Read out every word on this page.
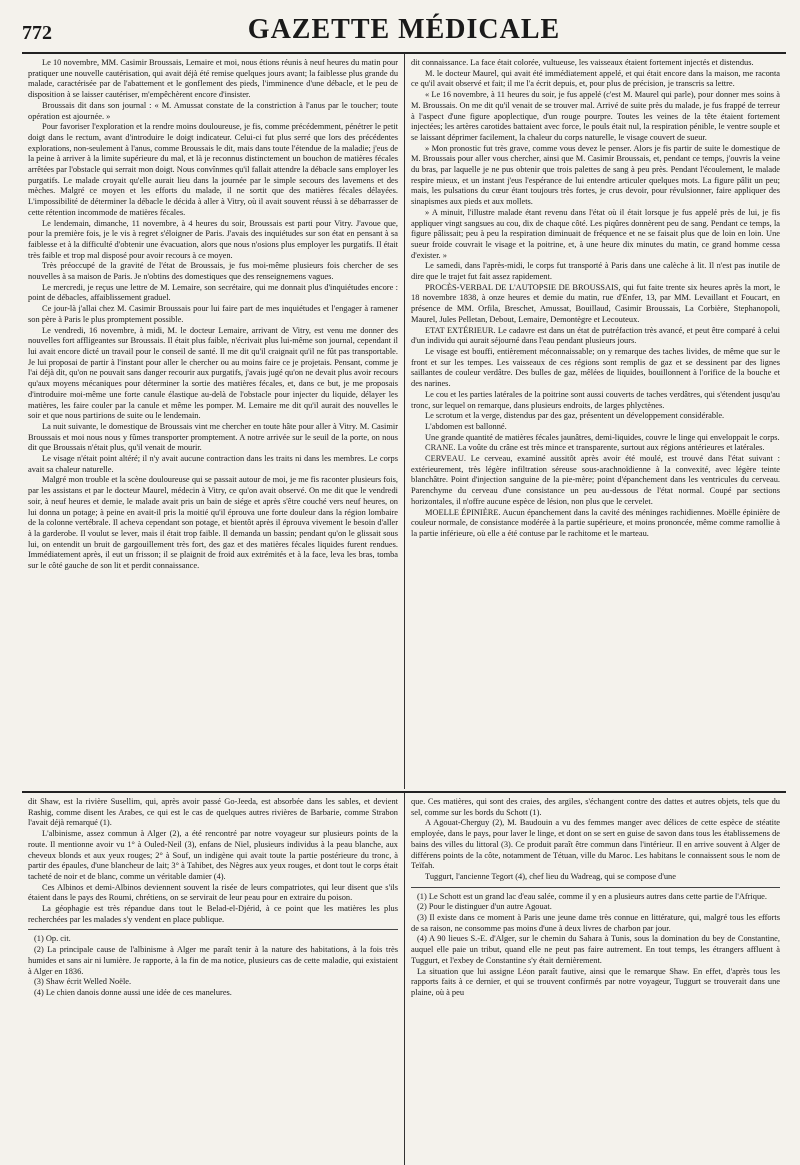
772	GAZETTE MÉDICALE

Le 10 novembre, MM. Casimir Broussais, Lemaire et moi, nous étions réunis à neuf heures du matin pour pratiquer une nouvelle cautérisation, qui avait déjà été remise quelques jours avant; la faiblesse plus grande du malade, caractérisée par de l'abattement et le gonflement des pieds, l'imminence d'une débacle, et le peu de disposition à se laisser cautériser, m'empêchèrent encore d'insister.

Broussais dit dans son journal : « M. Amussat constate de la constriction à l'anus par le toucher; toute opération est ajournée. »

Pour favoriser l'exploration et la rendre moins douloureuse, je fis, comme précédemment, pénétrer le petit doigt dans le rectum, avant d'introduire le doigt indicateur. Celui-ci fut plus serré que lors des précédentes explorations, non-seulement à l'anus, comme Broussais le dit, mais dans toute l'étendue de la maladie; j'eus de la peine à arriver à la limite supérieure du mal, et là je reconnus distinctement un bouchon de matières fécales arrêtées par l'obstacle qui serrait mon doigt. Nous convînmes qu'il fallait attendre la débacle sans employer les purgatifs. Le malade croyait qu'elle aurait lieu dans la journée par le simple secours des lavemens et des mèches. Malgré ce moyen et les efforts du malade, il ne sortit que des matières fécales délayées. L'impossibilité de déterminer la débacle le décida à aller à Vitry, où il avait souvent réussi à se débarrasser de cette rétention incommode de matières fécales.

Le lendemain, dimanche, 11 novembre, à 4 heures du soir, Broussais est parti pour Vitry. J'avoue que, pour la première fois, je le vis à regret s'éloigner de Paris. J'avais des inquiétudes sur son état en pensant à sa faiblesse et à la difficulté d'obtenir une évacuation, alors que nous n'osions plus employer les purgatifs. Il était très faible et trop mal disposé pour avoir recours à ce moyen.

Très préoccupé de la gravité de l'état de Broussais, je fus moi-même plusieurs fois chercher de ses nouvelles à sa maison de Paris. Je n'obtins des domestiques que des renseignemens vagues.

Le mercredi, je reçus une lettre de M. Lemaire, son secrétaire, qui me donnait plus d'inquiétudes encore : point de débacles, affaiblissement graduel.

Ce jour-là j'allai chez M. Casimir Broussais pour lui faire part de mes inquiétudes et l'engager à ramener son père à Paris le plus promptement possible.

Le vendredi, 16 novembre, à midi, M. le docteur Lemaire, arrivant de Vitry, est venu me donner des nouvelles fort affligeantes sur Broussais. Il était plus faible, n'écrivait plus lui-même son journal, cependant il lui avait encore dicté un travail pour le conseil de santé. Il me dit qu'il craignait qu'il ne fût pas transportable. Je lui proposai de partir à l'instant pour aller le chercher ou au moins faire ce je projetais. Pensant, comme je l'ai déjà dit, qu'on ne pouvait sans danger recourir aux purgatifs, j'avais jugé qu'on ne devait plus avoir recours qu'aux moyens mécaniques pour déterminer la sortie des matières fécales, et, dans ce but, je me proposais d'introduire moi-même une forte canule élastique au-delà de l'obstacle pour injecter du liquide, délayer les matières, les faire couler par la canule et même les pomper. M. Lemaire me dit qu'il aurait des nouvelles le soir et que nous partirions de suite ou le lendemain.

La nuit suivante, le domestique de Broussais vint me chercher en toute hâte pour aller à Vitry. M. Casimir Broussais et moi nous nous y fûmes transporter promptement. A notre arrivée sur le seuil de la porte, on nous dit que Broussais n'était plus, qu'il venait de mourir.

Le visage n'était point altéré; il n'y avait aucune contraction dans les traits ni dans les membres. Le corps avait sa chaleur naturelle.

Malgré mon trouble et la scène douloureuse qui se passait autour de moi, je me fis raconter plusieurs fois, par les assistans et par le docteur Maurel, médecin à Vitry, ce qu'on avait observé. On me dit que le vendredi soir, à neuf heures et demie, le malade avait pris un bain de siége et après s'être couché vers neuf heures, on lui donna un potage; à peine en avait-il pris la moitié qu'il éprouva une forte douleur dans la région lombaire de la colonne vertébrale. Il acheva cependant son potage, et bientôt après il éprouva vivement le besoin d'aller à la garderobe. Il voulut se lever, mais il était trop faible. Il demanda un bassin; pendant qu'on le glissait sous lui, on entendit un bruit de gargouillement très fort, des gaz et des matières fécales liquides furent rendues. Immédiatement après, il eut un frisson; il se plaignit de froid aux extrémités et à la face, leva les bras, tomba sur le côté gauche de son lit et perdit connaissance.

dit connaissance. La face était colorée, vultueuse, les vaisseaux étaient fortement injectés et distendus.

M. le docteur Maurel, qui avait été immédiatement appelé, et qui était encore dans la maison, me raconta ce qu'il avait observé et fait; il me l'a écrit depuis, et, pour plus de précision, je transcris sa lettre.

« Le 16 novembre, à 11 heures du soir, je fus appelé (c'est M. Maurel qui parle), pour donner mes soins à M. Broussais. On me dit qu'il venait de se trouver mal. Arrivé de suite près du malade, je fus frappé de terreur à l'aspect d'une figure apoplectique, d'un rouge pourpre. Toutes les veines de la tête étaient fortement injectées; les artères carotides battaient avec force, le pouls était nul, la respiration pénible, le ventre souple et se laissant déprimer facilement, la chaleur du corps naturelle, le visage couvert de sueur.

» Mon pronostic fut très grave, comme vous devez le penser. Alors je fis partir de suite le domestique de M. Broussais pour aller vous chercher, ainsi que M. Casimir Broussais, et, pendant ce temps, j'ouvris la veine du bras, par laquelle je ne pus obtenir que trois palettes de sang à peu près. Pendant l'écoulement, le malade respire mieux, et un instant j'eus l'espérance de lui entendre articuler quelques mots. La figure pâlit un peu; mais, les pulsations du cœur étant toujours très fortes, je crus devoir, pour révulsionner, faire appliquer des sinapismes aux pieds et aux mollets.

» A minuit, l'illustre malade étant revenu dans l'état où il était lorsque je fus appelé près de lui, je fis appliquer vingt sangsues au cou, dix de chaque côté. Les piqûres donnèrent peu de sang. Pendant ce temps, la figure pâlissait; peu à peu la respiration diminuait de fréquence et ne se faisait plus que de loin en loin. Une sueur froide couvrait le visage et la poitrine, et, à une heure dix minutes du matin, ce grand homme cessa d'exister. »

Le samedi, dans l'après-midi, le corps fut transporté à Paris dans une calèche à lit. Il n'est pas inutile de dire que le trajet fut fait assez rapidement.

PROCÈS-VERBAL DE L'AUTOPSIE DE BROUSSAIS, qui fut faite trente six heures après la mort, le 18 novembre 1838, à onze heures et demie du matin, rue d'Enfer, 13, par MM. Levaillant et Foucart, en présence de MM. Orfila, Breschet, Amussat, Bouillaud, Casimir Broussais, La Corbière, Stephanopoli, Maurel, Jules Pelletan, Debout, Lemaire, Demontègre et Lecouteux.

ETAT EXTÉRIEUR. Le cadavre est dans un état de putréfaction très avancé, et peut être comparé à celui d'un individu qui aurait séjourné dans l'eau pendant plusieurs jours.

Le visage est bouffi, entièrement méconnaissable; on y remarque des taches livides, de même que sur le front et sur les tempes. Les vaisseaux de ces régions sont remplis de gaz et se dessinent par des lignes saillantes de couleur verdâtre. Des bulles de gaz, mêlées de liquides, bouillonnent à l'orifice de la bouche et des narines.

Le cou et les parties latérales de la poitrine sont aussi couverts de taches verdâtres, qui s'étendent jusqu'au tronc, sur lequel on remarque, dans plusieurs endroits, de larges phlyctènes.

Le scrotum et la verge, distendus par des gaz, présentent un développement considérable.

L'abdomen est ballonné.

Une grande quantité de matières fécales jaunâtres, demi-liquides, couvre le linge qui enveloppait le corps.

CRANE. La voûte du crâne est très mince et transparente, surtout aux régions antérieures et latérales.

CERVEAU. Le cerveau, examiné aussitôt après avoir été moulé, est trouvé dans l'état suivant : extérieurement, très légère infiltration séreuse sous-arachnoïdienne à la convexité, avec légère teinte blanchâtre. Point d'injection sanguine de la pie-mère; point d'épanchement dans les ventricules du cerveau. Parenchyme du cerveau d'une consistance un peu au-dessous de l'état normal. Coupé par sections horizontales, il n'offre aucune espèce de lésion, non plus que le cervelet.

MOELLE ÉPINIÈRE. Aucun épanchement dans la cavité des méninges rachidiennes. Moëlle épinière de couleur normale, de consistance modérée à la partie supérieure, et moins prononcée, même comme ramollie à la partie inférieure, où elle a été contuse par le rachitome et le marteau.

dit Shaw, est la rivière Susellim, qui, après avoir passé Go-Jeeda, est absorbée dans les sables, et devient Rashig, comme disent les Arabes, ce qui est le cas de quelques autres rivières de Barbarie, comme Strabon l'avait déjà remarqué (1).

L'albinisme, assez commun à Alger (2), a été rencontré par notre voyageur sur plusieurs points de la route. Il mentionne avoir vu 1° à Ouled-Neil (3), enfans de Niel, plusieurs individus à la peau blanche, aux cheveux blonds et aux yeux rouges; 2° à Souf, un indigène qui avait toute la partie postérieure du tronc, à partir des épaules, d'une blancheur de lait; 3° à Tahibet, des Nègres aux yeux rouges, et dont tout le corps était tacheté de noir et de blanc, comme un véritable damier (4).

Ces Albinos et demi-Albinos deviennent souvent la risée de leurs compatriotes, qui leur disent que s'ils étaient dans le pays des Roumi, chrétiens, on se servirait de leur peau pour en extraire du poison.

La géophagie est très répandue dans tout le Belad-el-Djérid, à ce point que les matières les plus recherchées par les malades s'y vendent en place publique.

(1) Op. cit.

(2) La principale cause de l'albinisme à Alger me paraît tenir à la nature des habitations, à la fois très humides et sans air ni lumière. Je rapporte, à la fin de ma notice, plusieurs cas de cette maladie, qui existaient à Alger en 1836.

(3) Shaw écrit Welled Noële.

(4) Le chien danois donne aussi une idée de ces manelures.

que. Ces matières, qui sont des craies, des argiles, s'échangent contre des dattes et autres objets, tels que du sel, comme sur les bords du Schott (1).

A Agouat-Cherguy (2), M. Baudouin a vu des femmes manger avec délices de cette espèce de stéatite employée, dans le pays, pour laver le linge, et dont on se sert en guise de savon dans tous les établissemens de bains des villes du littoral (3). Ce produit paraît être commun dans l'intérieur. Il en arrive souvent à Alger de différens points de la côte, notamment de Tétuan, ville du Maroc. Les habitans le connaissent sous le nom de Teïfah.

Tuggurt, l'ancienne Tegort (4), chef lieu du Wadreag, qui se compose d'une

(1) Le Schott est un grand lac d'eau salée, comme il y en a plusieurs autres dans cette partie de l'Afrique.

(2) Pour le distinguer d'un autre Agouat.

(3) Il existe dans ce moment à Paris une jeune dame très connue en littérature, qui, malgré tous les efforts de sa raison, ne consomme pas moins d'une à deux livres de charbon par jour.

(4) A 90 lieues S.-E. d'Alger, sur le chemin du Sahara à Tunis, sous la domination du bey de Constantine, auquel elle paie un tribut, quand elle ne peut pas faire autrement. En tout temps, les étrangers affluent à Tuggurt, et l'exbey de Constantine s'y était dernièrement.

La situation que lui assigne Léon paraît fautive, ainsi que le remarque Shaw. En effet, d'après tous les rapports faits à ce dernier, et qui se trouvent confirmés par notre voyageur, Tuggurt se trouverait dans une plaine, où à peu
